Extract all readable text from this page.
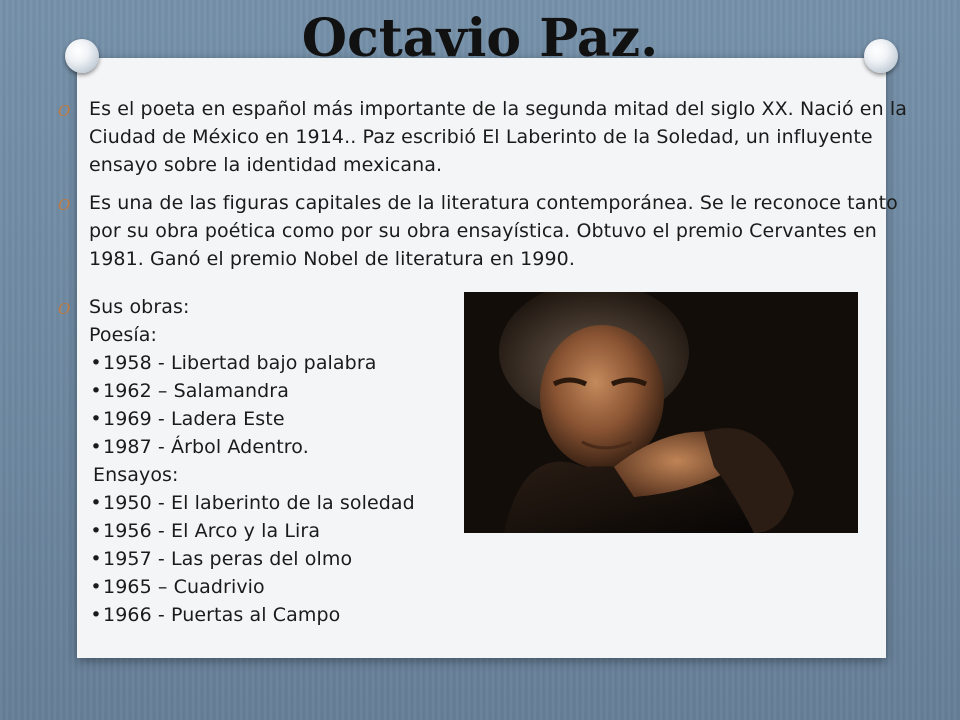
Octavio Paz.
O Es el poeta en español más importante de la segunda mitad del siglo XX. Nació en la Ciudad de México en 1914.. Paz escribió El Laberinto de la Soledad, un influyente ensayo sobre la identidad mexicana.
O Es una de las figuras capitales de la literatura contemporánea. Se le reconoce tanto por su obra poética como por su obra ensayística. Obtuvo el premio Cervantes en 1981. Ganó el premio Nobel de literatura en 1990.
O Sus obras:
Poesía:
•1958 - Libertad bajo palabra
•1962 – Salamandra
•1969 - Ladera Este
•1987 - Árbol Adentro.
Ensayos:
•1950 - El laberinto de la soledad
•1956 - El Arco y la Lira
•1957 - Las peras del olmo
•1965 – Cuadrivio
•1966 - Puertas al Campo
